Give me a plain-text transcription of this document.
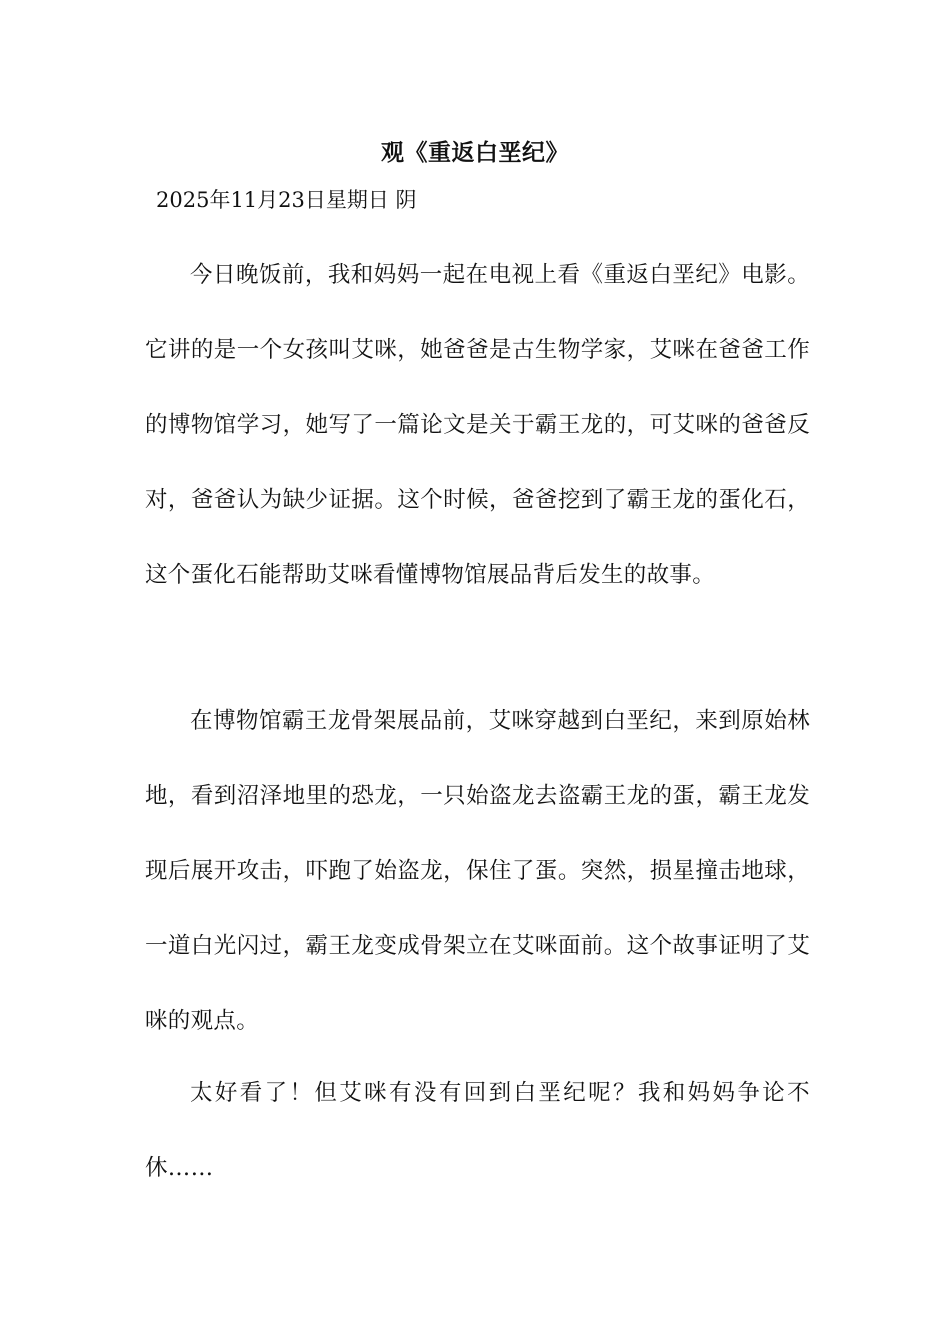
观《重返白垩纪》

2025年11月23日星期日 阴

今日晚饭前，我和妈妈一起在电视上看《重返白垩纪》电影。它讲的是一个女孩叫艾咪，她爸爸是古生物学家，艾咪在爸爸工作的博物馆学习，她写了一篇论文是关于霸王龙的，可艾咪的爸爸反对，爸爸认为缺少证据。这个时候，爸爸挖到了霸王龙的蛋化石，这个蛋化石能帮助艾咪看懂博物馆展品背后发生的故事。

在博物馆霸王龙骨架展品前，艾咪穿越到白垩纪，来到原始林地，看到沼泽地里的恐龙，一只始盗龙去盗霸王龙的蛋，霸王龙发现后展开攻击，吓跑了始盗龙，保住了蛋。突然，损星撞击地球，一道白光闪过，霸王龙变成骨架立在艾咪面前。这个故事证明了艾咪的观点。

太好看了！但艾咪有没有回到白垩纪呢？我和妈妈争论不休……
